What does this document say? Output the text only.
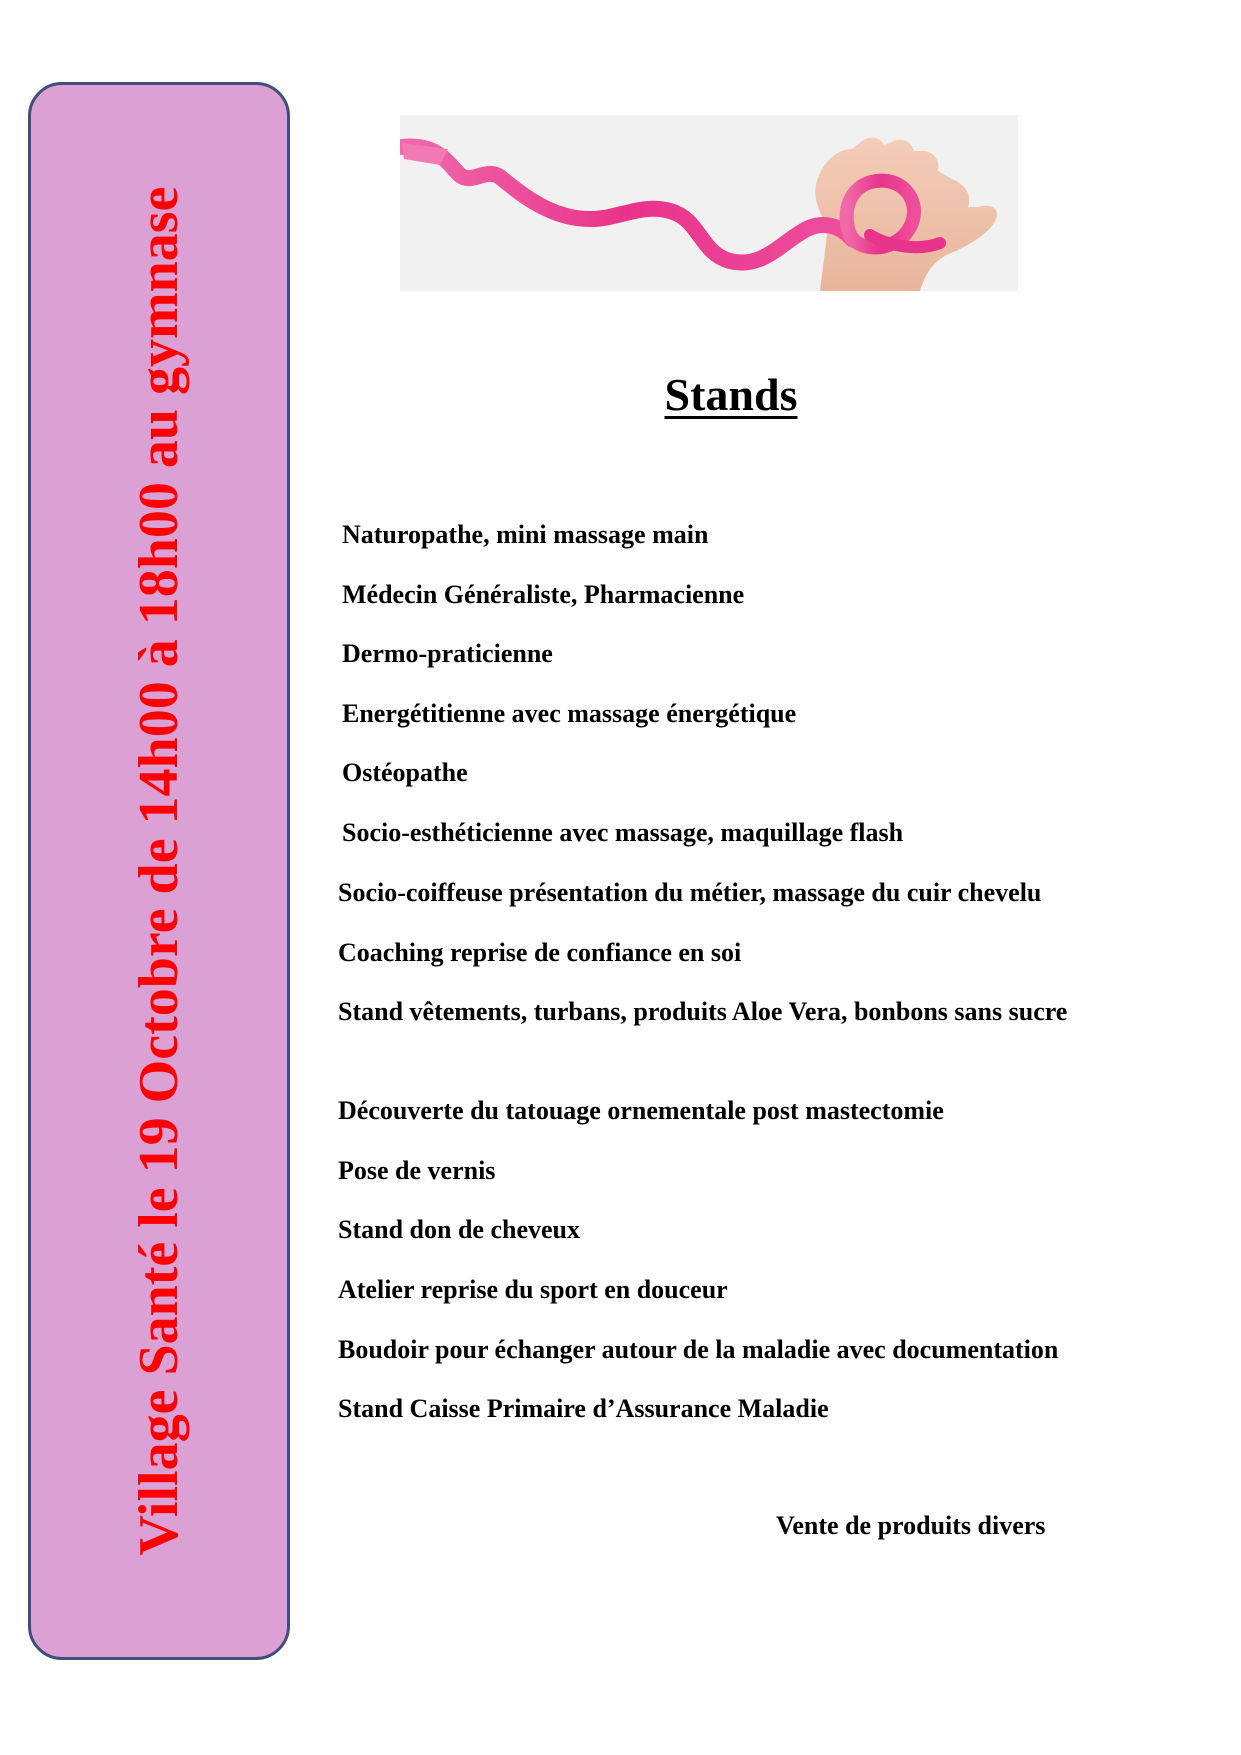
Village Santé le 19 Octobre de 14h00 à 18h00 au gymnase	Stands
Naturopathe, mini massage main
Médecin Généraliste, Pharmacienne
Dermo-praticienne
Energétitienne avec massage énergétique
Ostéopathe
Socio-esthéticienne avec massage, maquillage flash
Socio-coiffeuse présentation du métier, massage du cuir chevelu
Coaching reprise de confiance en soi
Stand vêtements, turbans, produits Aloe Vera, bonbons sans sucre
Découverte du tatouage ornementale post mastectomie
Pose de vernis
Stand don de cheveux
Atelier reprise du sport en douceur
Boudoir pour échanger autour de la maladie avec documentation
Stand Caisse Primaire d’Assurance Maladie
Vente de produits divers
